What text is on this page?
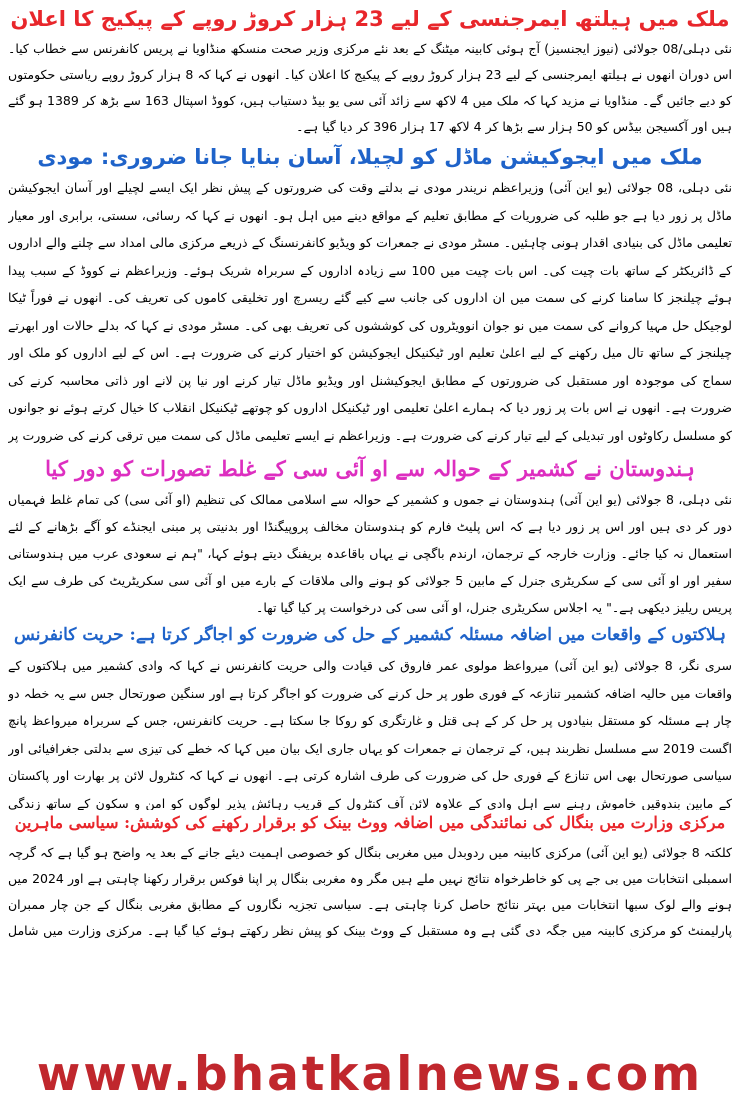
ملک میں ہیلتھ ایمرجنسی کے لیے 23 ہزار کروڑ روپے کے پیکیج کا اعلان

نئی دہلی/08 جولائی (نیوز ایجنسیز) آج ہوئی کابینہ میٹنگ کے بعد نئے مرکزی وزیر صحت منسکھ منڈاویا نے پریس کانفرنس سے خطاب کیا۔ اس دوران انھوں نے ہیلتھ ایمرجنسی کے لیے 23 ہزار کروڑ روپے کے پیکیج کا اعلان کیا۔ انھوں نے کہا کہ 8 ہزار کروڑ روپے ریاستی حکومتوں کو دیے جائیں گے۔ منڈاویا نے مزید کہا کہ ملک میں 4 لاکھ سے زائد آئی سی یو بیڈ دستیاب ہیں، کووڈ اسپتال 163 سے بڑھ کر 1389 ہو گئے ہیں اور آکسیجن بیڈس کو 50 ہزار سے بڑھا کر 4 لاکھ 17 ہزار 396 کر دیا گیا ہے۔

ملک میں ایجوکیشن ماڈل کو لچیلا، آسان بنایا جانا ضروری: مودی

نئی دہلی، 08 جولائی (یو این آئی) وزیراعظم نریندر مودی نے بدلتے وقت کی ضرورتوں کے پیش نظر ایک ایسے لچیلے اور آسان ایجوکیشن ماڈل پر زور دیا ہے جو طلبہ کی ضروریات کے مطابق تعلیم کے مواقع دینے میں اہل ہو۔ انھوں نے کہا کہ رسائی، سستی، برابری اور معیار تعلیمی ماڈل کی بنیادی اقدار ہونی چاہئیں۔ مسٹر مودی نے جمعرات کو ویڈیو کانفرنسنگ کے ذریعے مرکزی مالی امداد سے چلنے والے اداروں کے ڈائریکٹر کے ساتھ بات چیت کی۔ اس بات چیت میں 100 سے زیادہ اداروں کے سربراہ شریک ہوئے۔ وزیراعظم نے کووڈ کے سبب پیدا ہوئے چیلنجز کا سامنا کرنے کی سمت میں ان اداروں کی جانب سے کیے گئے ریسرچ اور تخلیقی کاموں کی تعریف کی۔ انھوں نے فوراً ٹیکا لوجیکل حل مہیا کروانے کی سمت میں نو جوان انوویٹروں کی کوششوں کی تعریف بھی کی۔ مسٹر مودی نے کہا کہ بدلے حالات اور ابھرتے چیلنجز کے ساتھ تال میل رکھنے کے لیے اعلیٰ تعلیم اور ٹیکنیکل ایجوکیشن کو اختیار کرنے کی ضرورت ہے۔ اس کے لیے اداروں کو ملک اور سماج کی موجودہ اور مستقبل کی ضرورتوں کے مطابق ایجوکیشنل اور ویڈیو ماڈل تیار کرنے اور نیا پن لانے اور ذاتی محاسبہ کرنے کی ضرورت ہے۔ انھوں نے اس بات پر زور دیا کہ ہمارے اعلیٰ تعلیمی اور ٹیکنیکل اداروں کو چوتھے ٹیکنیکل انقلاب کا خیال کرتے ہوئے نو جوانوں کو مسلسل رکاوٹوں اور تبدیلی کے لیے تیار کرنے کی ضرورت ہے۔ وزیراعظم نے ایسے تعلیمی ماڈل کی سمت میں ترقی کرنے کی ضرورت پر

ہندوستان نے کشمیر کے حوالہ سے او آئی سی کے غلط تصورات کو دور کیا

نئی دہلی، 8 جولائی (یو این آئی) ہندوستان نے جموں و کشمیر کے حوالہ سے اسلامی ممالک کی تنظیم (او آئی سی) کی تمام غلط فہمیاں دور کر دی ہیں اور اس پر زور دیا ہے کہ اس پلیٹ فارم کو ہندوستان مخالف پروپیگنڈا اور بدنیتی پر مبنی ایجنڈے کو آگے بڑھانے کے لئے استعمال نہ کیا جائے۔ وزارت خارجہ کے ترجمان، ارندم باگچی نے یہاں باقاعدہ بریفنگ دیتے ہوئے کہا، "ہم نے سعودی عرب میں ہندوستانی سفیر اور او آئی سی کے سکریٹری جنرل کے مابین 5 جولائی کو ہونے والی ملاقات کے بارے میں او آئی سی سکریٹریٹ کی طرف سے ایک پریس ریلیز دیکھی ہے۔" یہ اجلاس سکریٹری جنرل، او آئی سی کی درخواست پر کیا گیا تھا۔

ہلاکتوں کے واقعات میں اضافہ مسئلہ کشمیر کے حل کی ضرورت کو اجاگر کرتا ہے: حریت کانفرنس

سری نگر، 8 جولائی (یو این آئی) میرواعظ مولوی عمر فاروق کی قیادت والی حریت کانفرنس نے کہا کہ وادی کشمیر میں ہلاکتوں کے واقعات میں حالیہ اضافہ کشمیر تنازعہ کے فوری طور پر حل کرنے کی ضرورت کو اجاگر کرتا ہے اور سنگین صورتحال جس سے یہ خطہ دو چار ہے مسئلہ کو مستقل بنیادوں پر حل کر کے ہی قتل و غارتگری کو روکا جا سکتا ہے۔ حریت کانفرنس، جس کے سربراہ میرواعظ پانچ اگست 2019 سے مسلسل نظربند ہیں، کے ترجمان نے جمعرات کو یہاں جاری ایک بیان میں کہا کہ خطے کی تیزی سے بدلتی جغرافیائی اور سیاسی صورتحال بھی اس تنازع کے فوری حل کی ضرورت کی طرف اشارہ کرتی ہے۔ انھوں نے کہا کہ کنٹرول لائن پر بھارت اور پاکستان کے مابین بندوقیں خاموش رہنے سے اہل وادی کے علاوہ لائن آف کنٹرول کے قریب رہائش پذیر لوگوں کو امن و سکون کے ساتھ زندگی

مرکزی وزارت میں بنگال کی نمائندگی میں اضافہ ووٹ بینک کو برقرار رکھنے کی کوشش: سیاسی ماہرین

کلکتہ 8 جولائی (یو این آئی) مرکزی کابینہ میں ردوبدل میں مغربی بنگال کو خصوصی اہمیت دیئے جانے کے بعد یہ واضح ہو گیا ہے کہ گرچہ اسمبلی انتخابات میں بی جے پی کو خاطرخواہ نتائج نہیں ملے ہیں مگر وہ مغربی بنگال پر اپنا فوکس برقرار رکھنا چاہتی ہے اور 2024 میں ہونے والے لوک سبھا انتخابات میں بہتر نتائج حاصل کرنا چاہتی ہے۔ سیاسی تجزیہ نگاروں کے مطابق مغربی بنگال کے جن چار ممبران پارلیمنٹ کو مرکزی کابینہ میں جگہ دی گئی ہے وہ مستقبل کے ووٹ بینک کو پیش نظر رکھتے ہوئے کیا گیا ہے۔ مرکزی وزارت میں شامل

www.bhatkalnews.com
